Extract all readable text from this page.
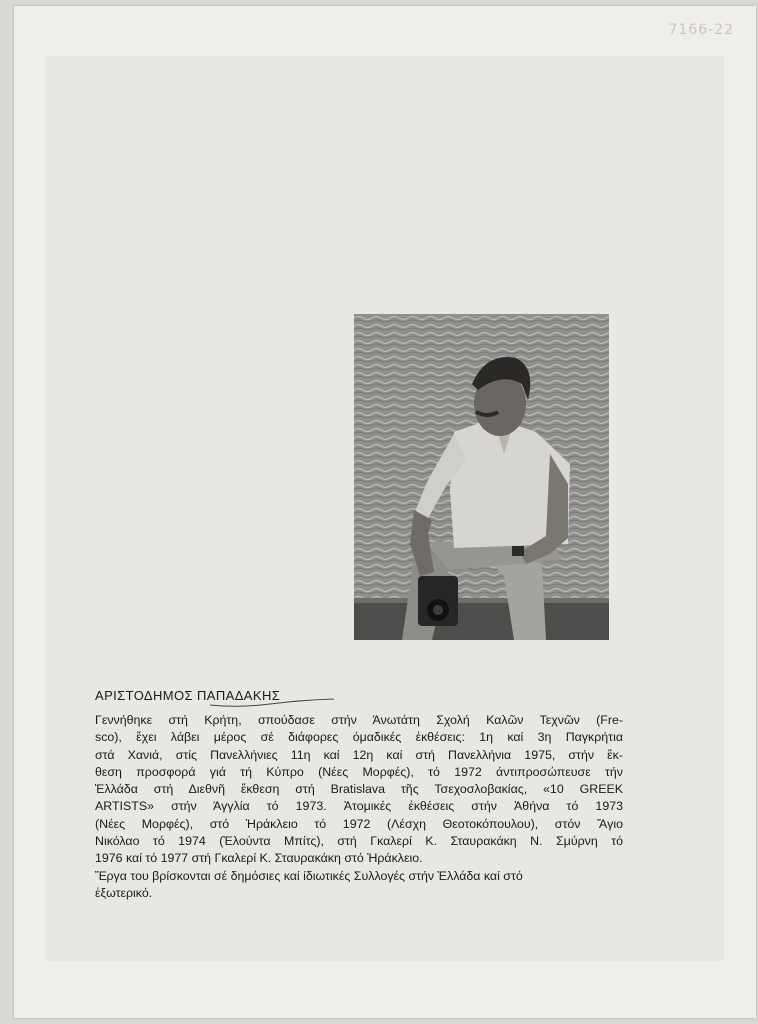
7166-22
ΑΡΙΣΤΟΔΗΜΟΣ ΠΑΠΑΔΑΚΗΣ

Γεννήθηκε στή Κρήτη, σπούδασε στήν Άνωτάτη Σχολή Καλῶν Τεχνῶν (Fre-

sco), ἔχει λάβει μέρος σέ διάφορες όμαδικές ἐκθέσεις: 1η καί 3η Παγκρήτια

στά Χανιά, στίς Πανελλήνιες 11η καί 12η καί στή Πανελλήνια 1975, στήν ἔκ-

θεση προσφορά γιά τή Κύπρο (Νέες Μορφές), τό 1972 άντιπροσώπευσε τήν

Ἑλλάδα στή Διεθνῆ ἔκθεση στή Bratislava τῆς Τσεχοσλοβακίας, «10 GREEK

ARTISTS» στήν Άγγλία τό 1973. Ἀτομικές ἐκθέσεις στήν Ἀθήνα τό 1973

(Νέες Μορφές), στό Ἡράκλειο τό 1972 (Λέσχη Θεοτοκόπουλου), στόν Ἅγιο

Νικόλαο τό 1974 (Ἐλούντα Μπίτς), στή Γκαλερί Κ. Σταυρακάκη Ν. Σμύρνη τό

1976 καί τό 1977 στή Γκαλερί Κ. Σταυρακάκη στό Ἡράκλειο.

Ἔργα του βρίσκονται σέ δημόσιες καί ίδιωτικές Συλλογές στήν Ἑλλάδα καί στό

ἐξωτερικό.
